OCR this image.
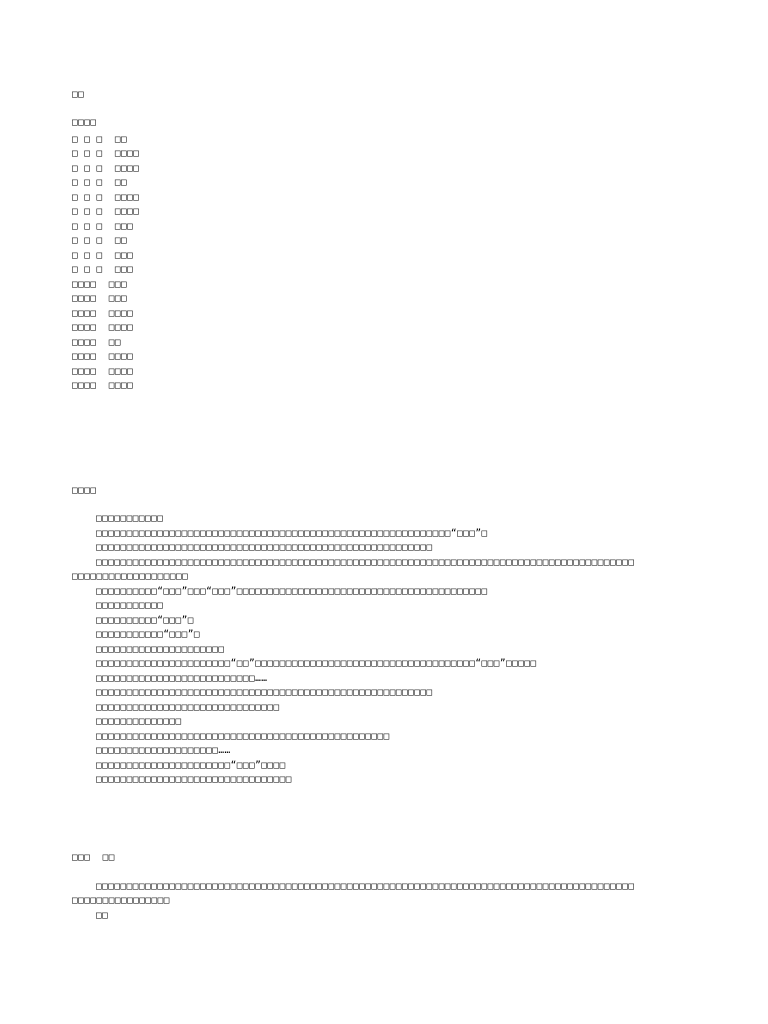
□□
□□□□
□ □ □  □□
□ □ □  □□□□
□ □ □  □□□□
□ □ □  □□
□ □ □  □□□□
□ □ □  □□□□
□ □ □  □□□
□ □ □  □□
□ □ □  □□□
□ □ □  □□□
□□□□  □□□
□□□□  □□□
□□□□  □□□□
□□□□  □□□□
□□□□  □□
□□□□  □□□□
□□□□  □□□□
□□□□  □□□□
□□□□
□□□□□□□□□□□
□□□□□□□□□□□□□□□□□□□□□□□□□□□□□□□□□□□□□□□□□□□□□□□□□□□□□□□□□□“□□□”□
□□□□□□□□□□□□□□□□□□□□□□□□□□□□□□□□□□□□□□□□□□□□□□□□□□□□□□□
□□□□□□□□□□□□□□□□□□□□□□□□□□□□□□□□□□□□□□□□□□□□□□□□□□□□□□□□□□□□□□□□□□□□□□□□□□□□□□□□□□□□□□□□
□□□□□□□□□□□□□□□□□□□
□□□□□□□□□□“□□□”□□□“□□□”□□□□□□□□□□□□□□□□□□□□□□□□□□□□□□□□□□□□□□□□□
□□□□□□□□□□□
□□□□□□□□□□“□□□”□
□□□□□□□□□□□“□□□”□
□□□□□□□□□□□□□□□□□□□□□
□□□□□□□□□□□□□□□□□□□□□□“□□”□□□□□□□□□□□□□□□□□□□□□□□□□□□□□□□□□□□□“□□□”□□□□□
□□□□□□□□□□□□□□□□□□□□□□□□□□……
□□□□□□□□□□□□□□□□□□□□□□□□□□□□□□□□□□□□□□□□□□□□□□□□□□□□□□□
□□□□□□□□□□□□□□□□□□□□□□□□□□□□□□
□□□□□□□□□□□□□□
□□□□□□□□□□□□□□□□□□□□□□□□□□□□□□□□□□□□□□□□□□□□□□□□
□□□□□□□□□□□□□□□□□□□□……
□□□□□□□□□□□□□□□□□□□□□□“□□□”□□□□
□□□□□□□□□□□□□□□□□□□□□□□□□□□□□□□□
□□□  □□
□□□□□□□□□□□□□□□□□□□□□□□□□□□□□□□□□□□□□□□□□□□□□□□□□□□□□□□□□□□□□□□□□□□□□□□□□□□□□□□□□□□□□□□□
□□□□□□□□□□□□□□□□
□□
